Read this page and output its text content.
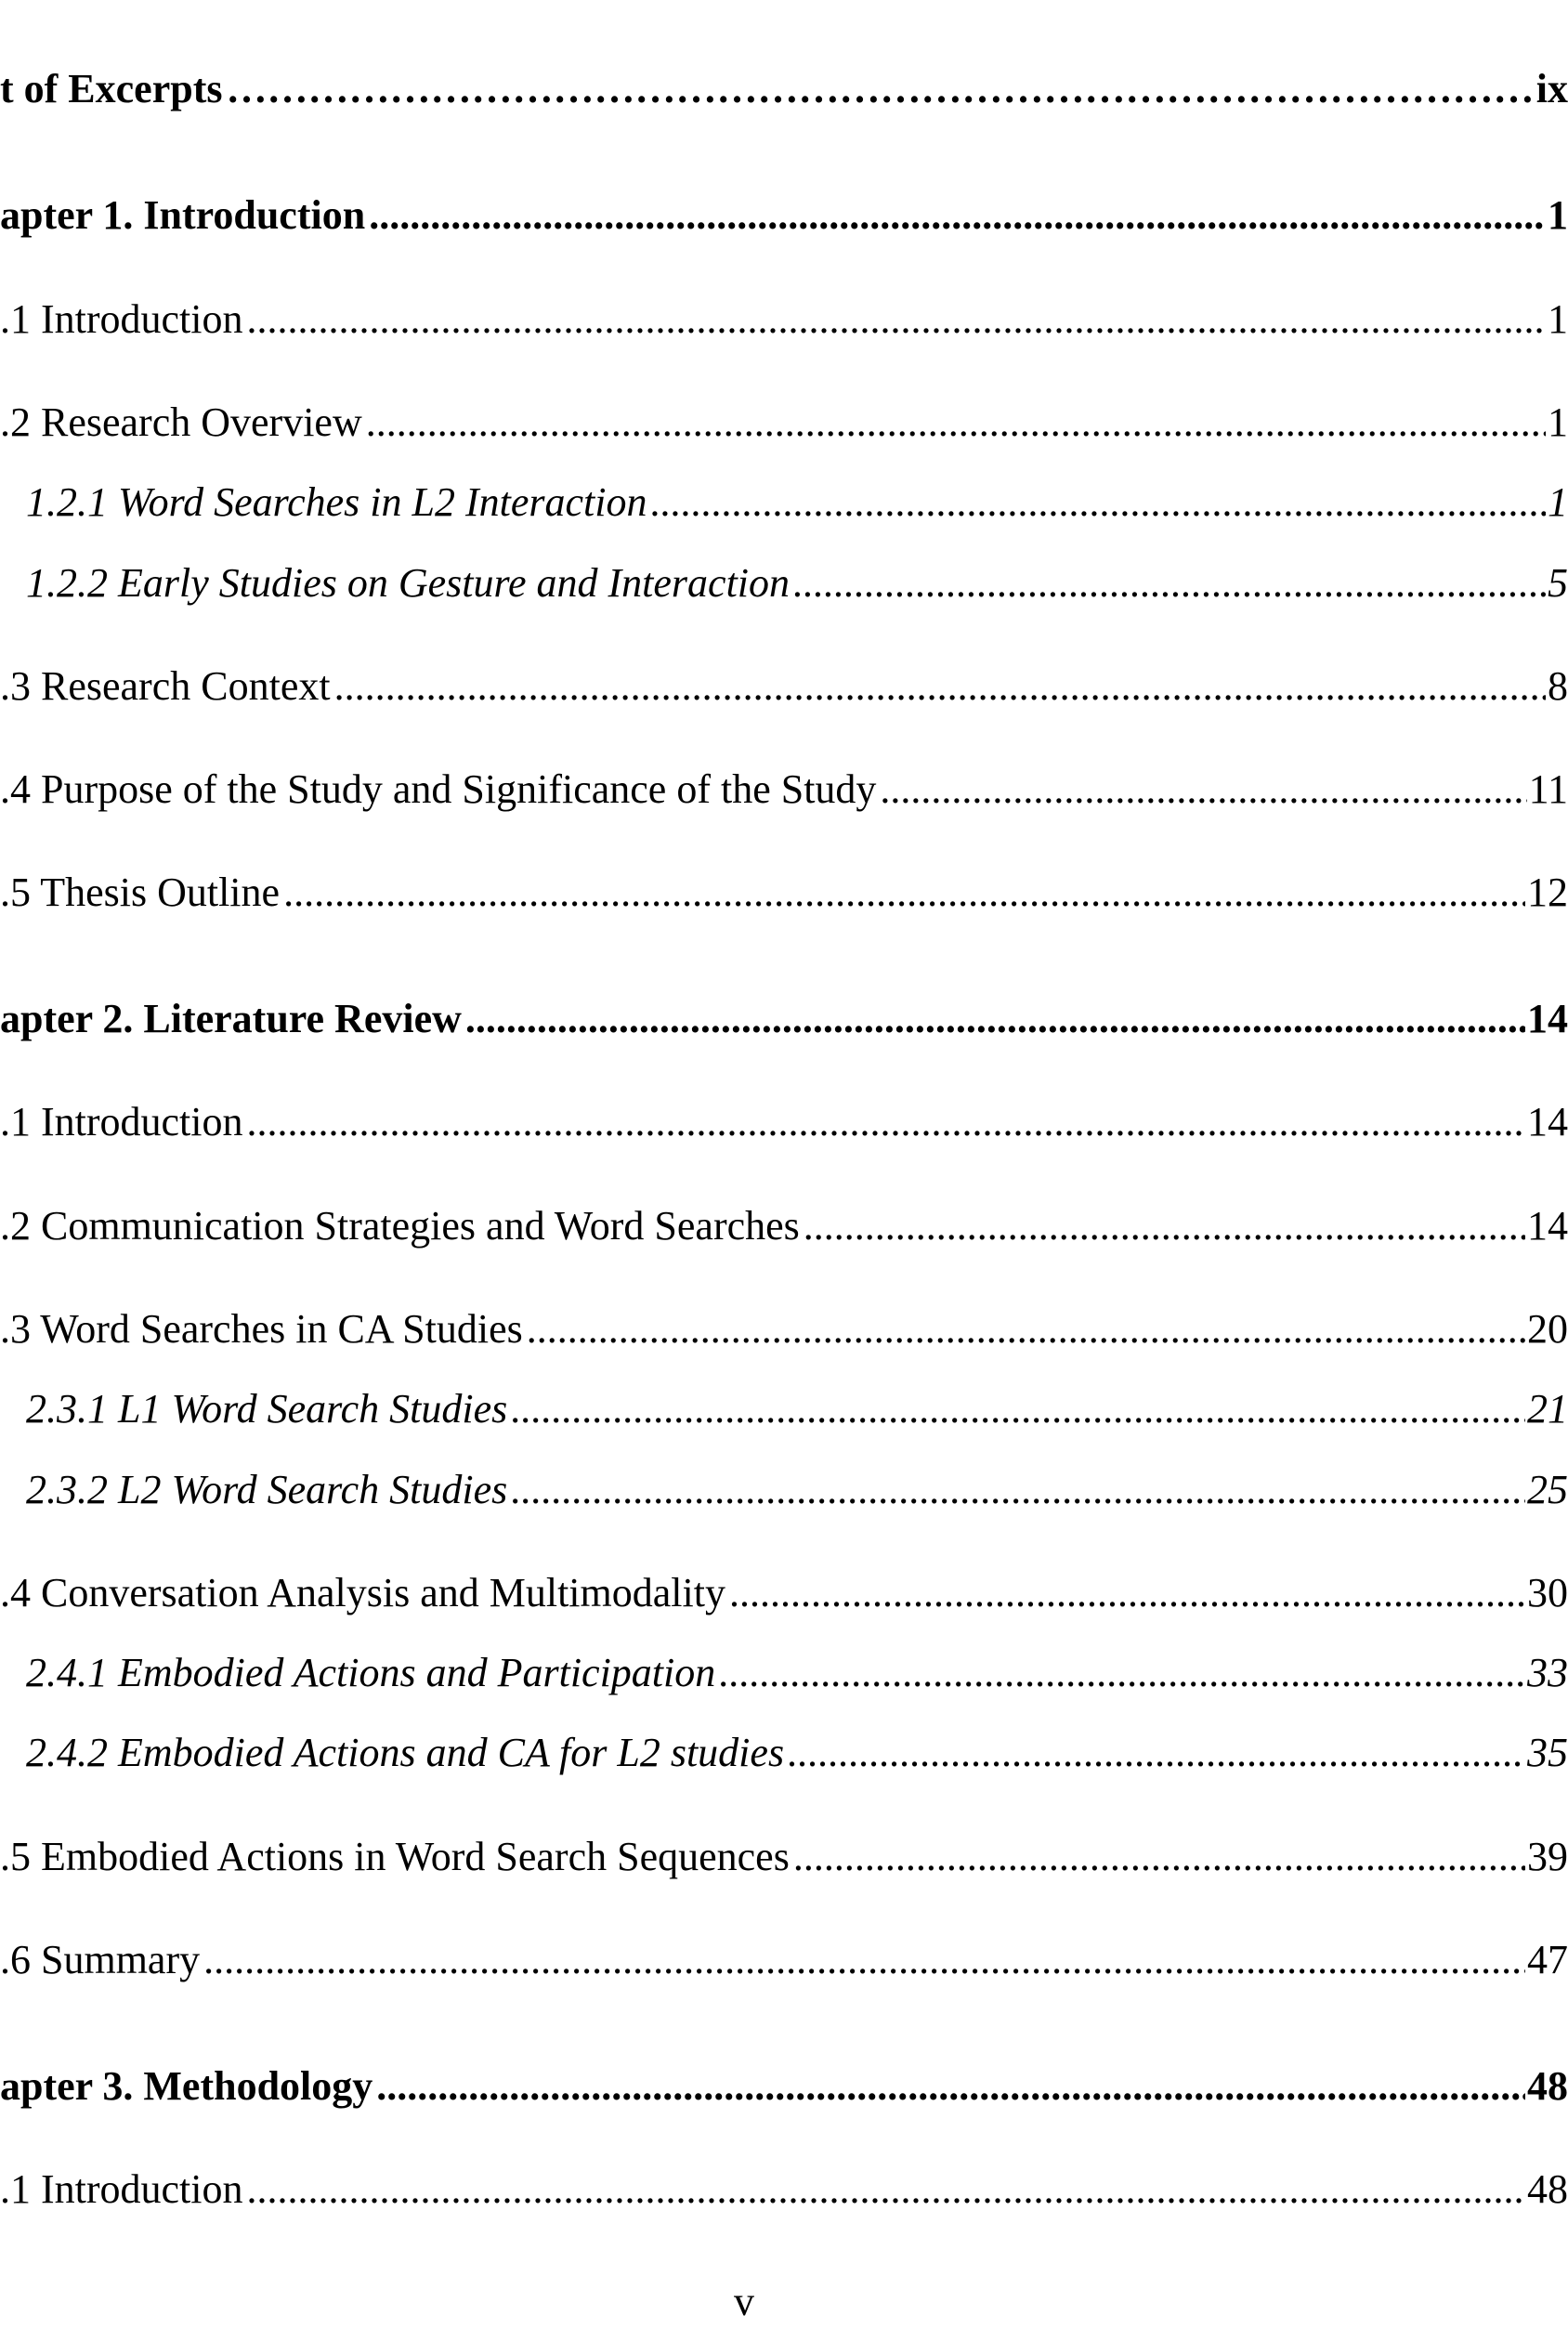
t of Excerpts ……………………………………………………………………………………………………………………………………………………	ix
apter 1. Introduction .....	1
.1 Introduction .....	1
.2 Research Overview .....	1
1.2.1 Word Searches in L2 Interaction .....	1
1.2.2 Early Studies on Gesture and Interaction .....	5
.3 Research Context .....	8
.4 Purpose of the Study and Significance of the Study .....	11
.5 Thesis Outline .....	12
apter 2. Literature Review .....	14
.1 Introduction .....	14
.2 Communication Strategies and Word Searches .....	14
.3 Word Searches in CA Studies .....	20
2.3.1 L1 Word Search Studies .....	21
2.3.2 L2 Word Search Studies .....	25
.4 Conversation Analysis and Multimodality .....	30
2.4.1 Embodied Actions and Participation .....	33
2.4.2 Embodied Actions and CA for L2 studies .....	35
.5 Embodied Actions in Word Search Sequences .....	39
.6 Summary .....	47
apter 3. Methodology .....	48
.1 Introduction .....	48
v
